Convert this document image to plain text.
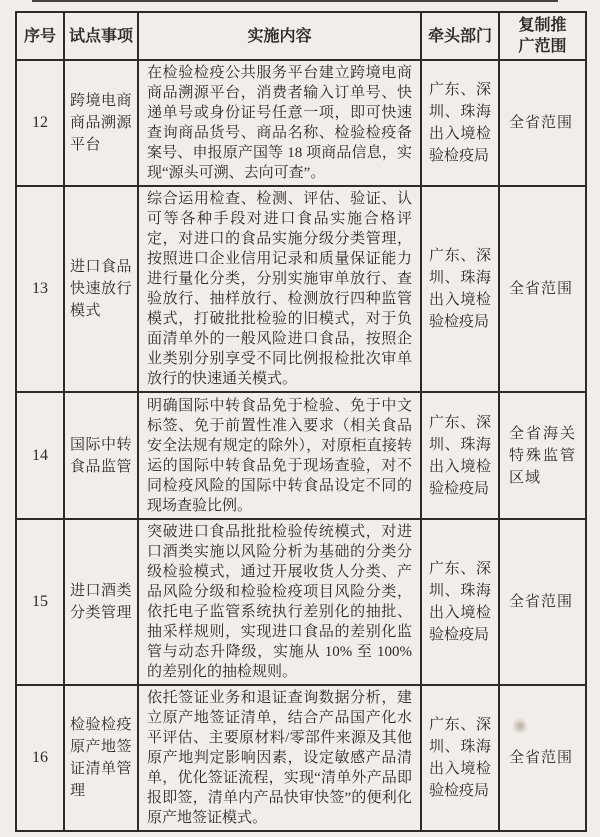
序号	试点事项	实施内容	牵头部门	复制推广范围
12	跨境电商商品溯源平台	在检验检疫公共服务平台建立跨境电商商品溯源平台，消费者输入订单号、快递单号或身份证号任意一项，即可快速查询商品货号、商品名称、检验检疫备案号、申报原产国等 18 项商品信息，实现“源头可溯、去向可查”。	广东、深圳、珠海出入境检验检疫局	全省范围
13	进口食品快速放行模式	综合运用检查、检测、评估、验证、认可等各种手段对进口食品实施合格评定，对进口的食品实施分级分类管理，按照进口企业信用记录和质量保证能力进行量化分类，分别实施审单放行、查验放行、抽样放行、检测放行四种监管模式，打破批批检验的旧模式，对于负面清单外的一般风险进口食品，按照企业类别分别享受不同比例报检批次审单放行的快速通关模式。	广东、深圳、珠海出入境检验检疫局	全省范围
14	国际中转食品监管	明确国际中转食品免于检验、免于中文标签、免于前置性准入要求（相关食品安全法规有规定的除外），对原柜直接转运的国际中转食品免于现场查验，对不同检疫风险的国际中转食品设定不同的现场查验比例。	广东、深圳、珠海出入境检验检疫局	全省海关特殊监管区域
15	进口酒类分类管理	突破进口食品批批检验传统模式，对进口酒类实施以风险分析为基础的分类分级检验模式，通过开展收货人分类、产品风险分级和检验检疫项目风险分类，依托电子监管系统执行差别化的抽批、抽采样规则，实现进口食品的差别化监管与动态升降级，实施从 10% 至 100% 的差别化的抽检规则。	广东、深圳、珠海出入境检验检疫局	全省范围
16	检验检疫原产地签证清单管理	依托签证业务和退证查询数据分析，建立原产地签证清单，结合产品国产化水平评估、主要原材料/零部件来源及其他原产地判定影响因素，设定敏感产品清单，优化签证流程，实现“清单外产品即报即签，清单内产品快审快签”的便利化原产地签证模式。	广东、深圳、珠海出入境检验检疫局	全省范围
